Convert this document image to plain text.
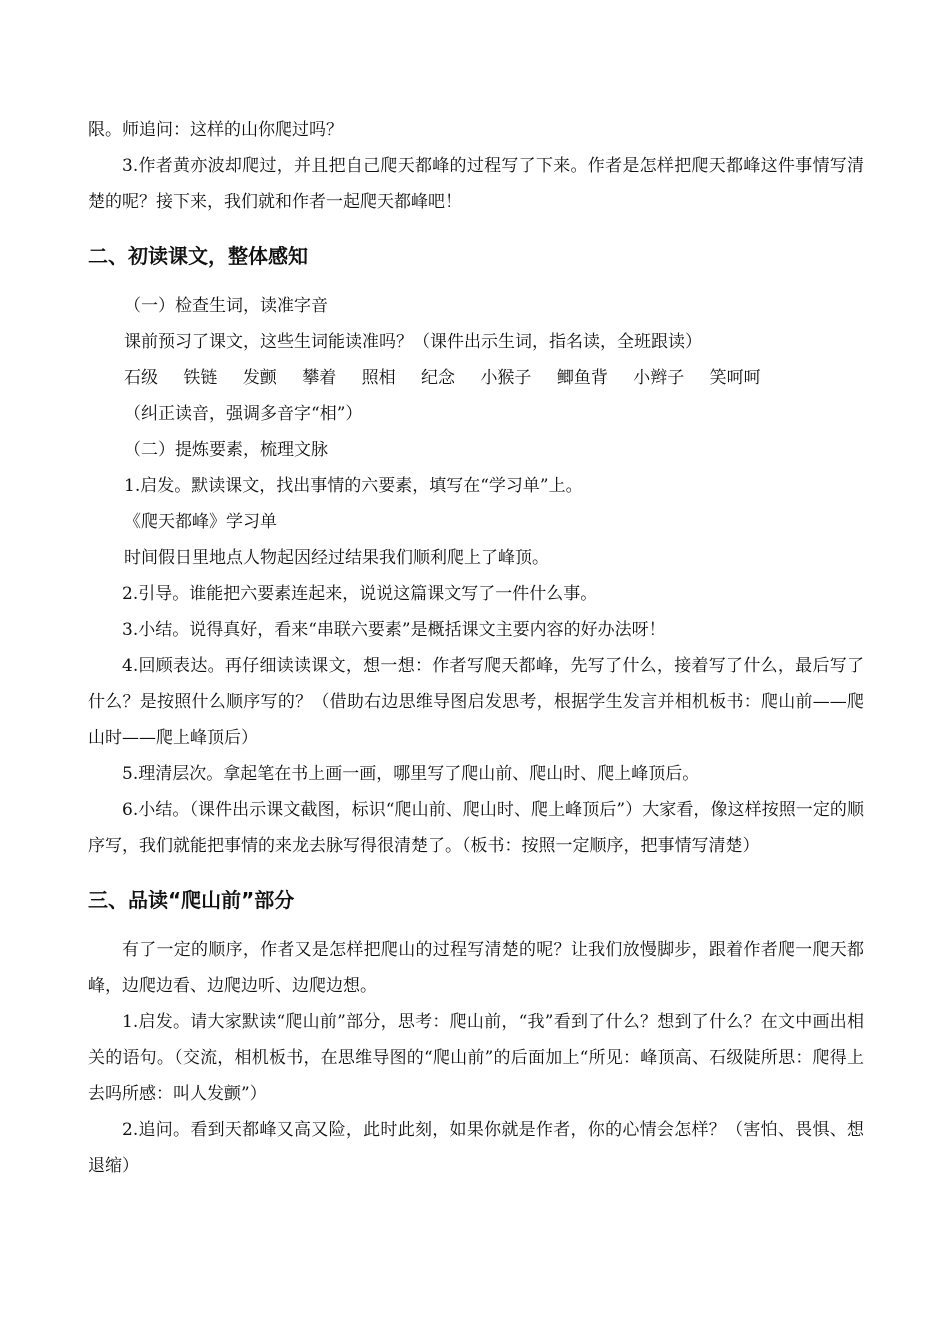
限。师追问：这样的山你爬过吗？

3.作者黄亦波却爬过，并且把自己爬天都峰的过程写了下来。作者是怎样把爬天都峰这件事情写清楚的呢？接下来，我们就和作者一起爬天都峰吧！

二、初读课文，整体感知

（一）检查生词，读准字音

课前预习了课文，这些生词能读准吗？（课件出示生词，指名读，全班跟读）

石级 铁链 发颤 攀着 照相 纪念 小猴子 鲫鱼背 小辫子 笑呵呵

（纠正读音，强调多音字“相”）

（二）提炼要素，梳理文脉

1.启发。默读课文，找出事情的六要素，填写在“学习单”上。

《爬天都峰》学习单

时间假日里地点人物起因经过结果我们顺利爬上了峰顶。

2.引导。谁能把六要素连起来，说说这篇课文写了一件什么事。

3.小结。说得真好，看来“串联六要素”是概括课文主要内容的好办法呀！

4.回顾表达。再仔细读读课文，想一想：作者写爬天都峰，先写了什么，接着写了什么，最后写了什么？是按照什么顺序写的？（借助右边思维导图启发思考，根据学生发言并相机板书：爬山前——爬山时——爬上峰顶后）

5.理清层次。拿起笔在书上画一画，哪里写了爬山前、爬山时、爬上峰顶后。

6.小结。（课件出示课文截图，标识“爬山前、爬山时、爬上峰顶后”）大家看，像这样按照一定的顺序写，我们就能把事情的来龙去脉写得很清楚了。（板书：按照一定顺序，把事情写清楚）

三、品读“爬山前”部分

有了一定的顺序，作者又是怎样把爬山的过程写清楚的呢？让我们放慢脚步，跟着作者爬一爬天都峰，边爬边看、边爬边听、边爬边想。

1.启发。请大家默读“爬山前”部分，思考：爬山前，“我”看到了什么？想到了什么？在文中画出相关的语句。（交流，相机板书，在思维导图的“爬山前”的后面加上“所见：峰顶高、石级陡所思：爬得上去吗所感：叫人发颤”）

2.追问。看到天都峰又高又险，此时此刻，如果你就是作者，你的心情会怎样？（害怕、畏惧、想退缩）
